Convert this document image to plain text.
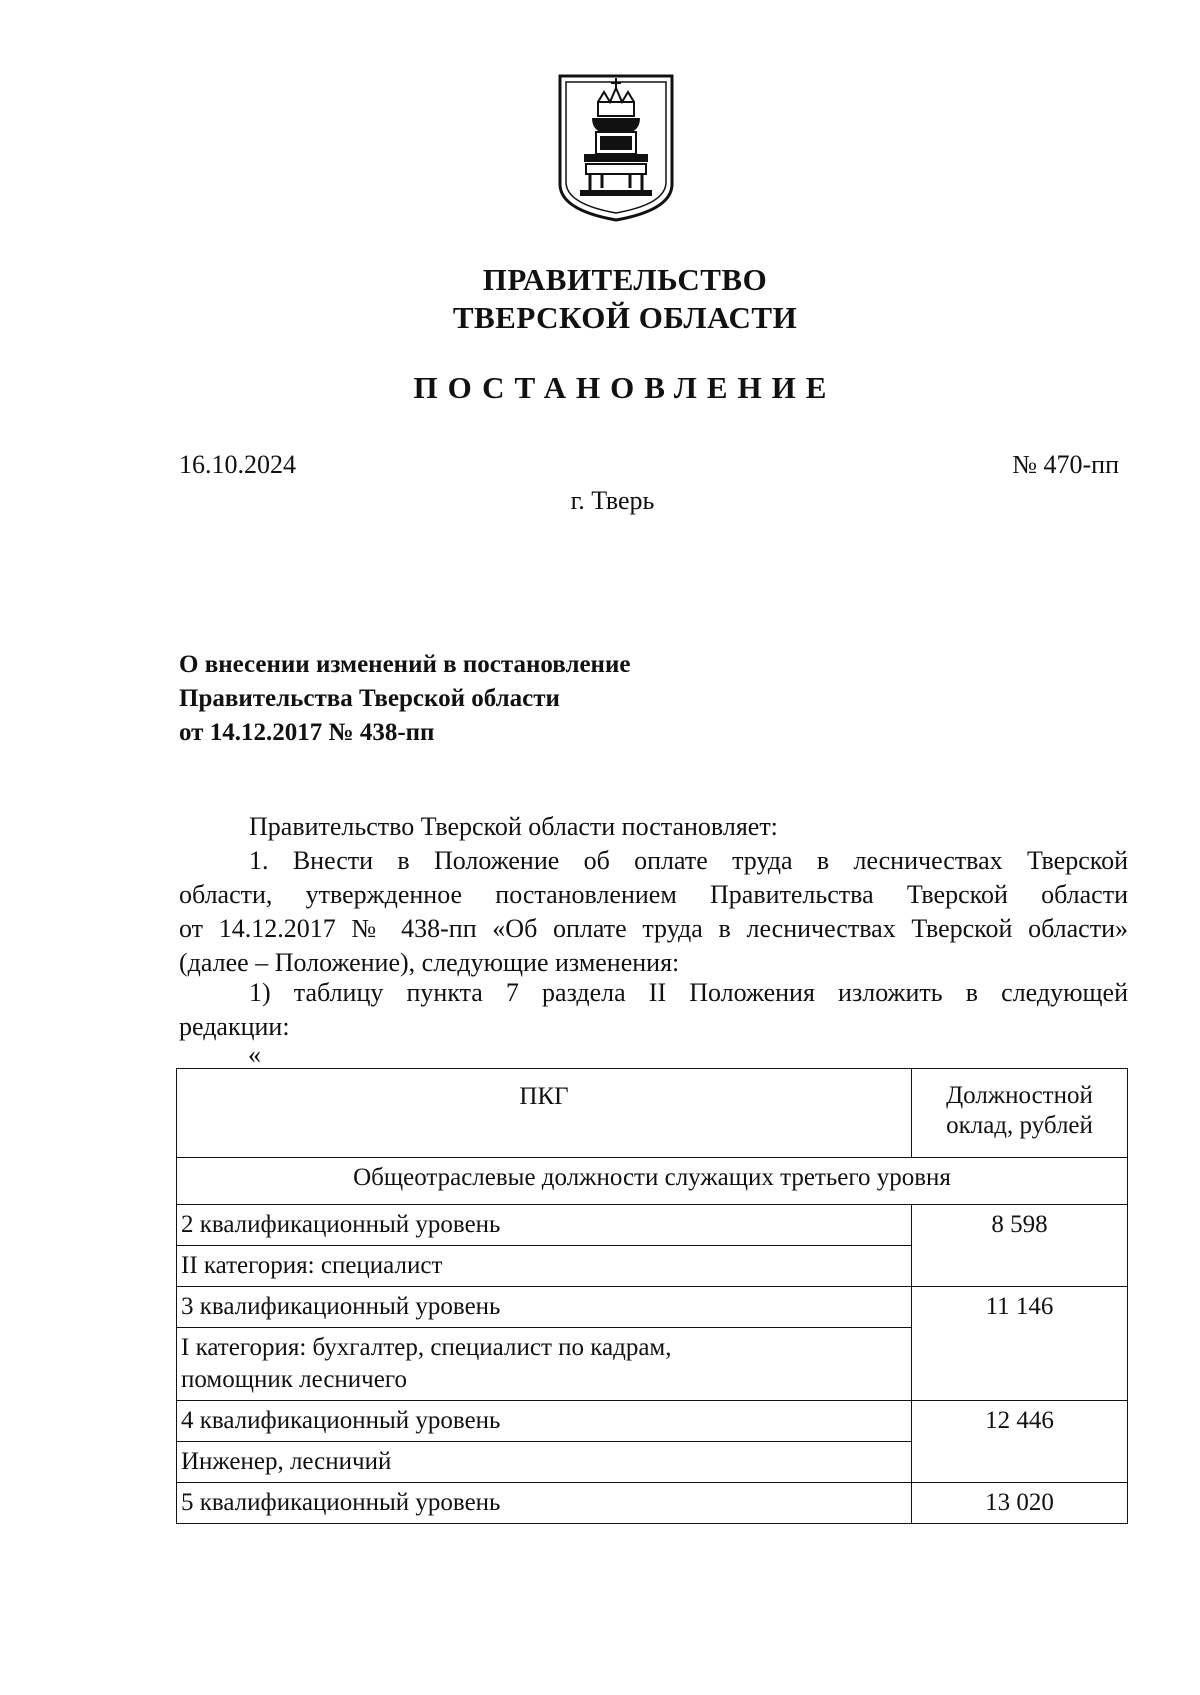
ПРАВИТЕЛЬСТВО
ТВЕРСКОЙ ОБЛАСТИ
ПОСТАНОВЛЕНИЕ
16.10.2024	№ 470-пп
г. Тверь
О внесении изменений в постановление
Правительства Тверской области
от 14.12.2017 № 438-пп
Правительство Тверской области постановляет:
1. Внести в Положение об оплате труда в лесничествах Тверской
области, утвержденное постановлением Правительства Тверской области
от 14.12.2017 № 438-пп «Об оплате труда в лесничествах Тверской области»
(далее – Положение), следующие изменения:
1) таблицу пункта 7 раздела II Положения изложить в следующей
редакции:
«
ПКГ	Должностной
оклад, рублей

Общеотраслевые должности служащих третьего уровня	
2 квалификационный уровень	8 598
II категория: специалист	
3 квалификационный уровень	11 146

I категория: бухгалтер, специалист по кадрам,
помощник лесничего	

4 квалификационный уровень	12 446
Инженер, лесничий	
5 квалификационный уровень	13 020
